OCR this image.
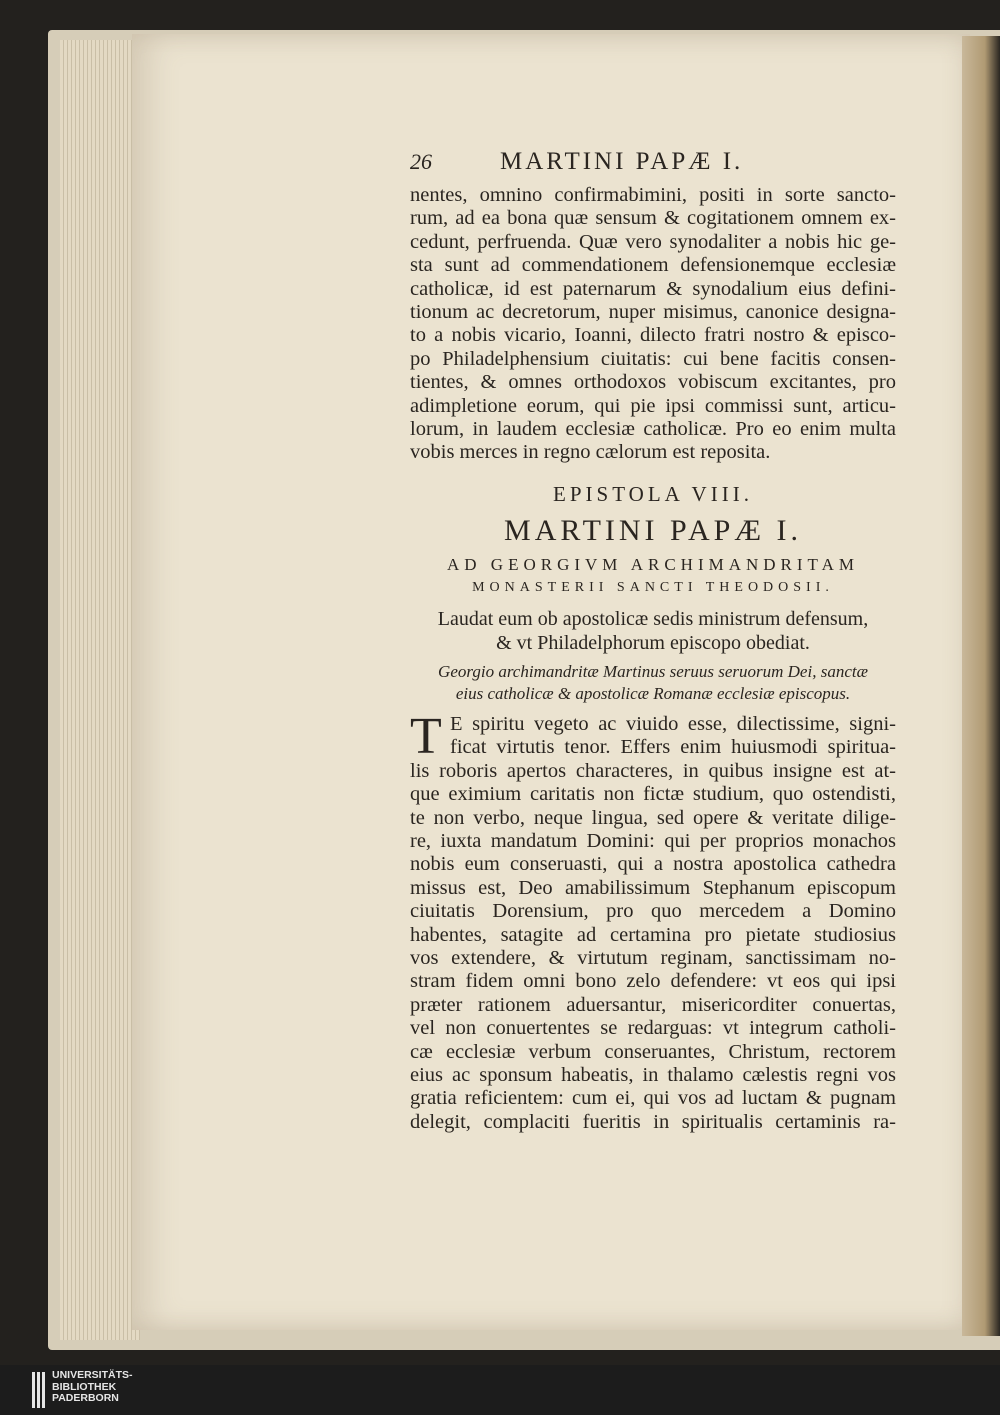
26	MARTINI PAPÆ I.
nentes, omnino confirmabimini, positi in sorte sancto-
rum, ad ea bona quæ sensum & cogitationem omnem ex-
cedunt, perfruenda. Quæ vero synodaliter a nobis hic ge-
sta sunt ad commendationem defensionemque ecclesiæ
catholicæ, id est paternarum & synodalium eius defini-
tionum ac decretorum, nuper misimus, canonice designa-
to a nobis vicario, Ioanni, dilecto fratri nostro & episco-
po Philadelphensium ciuitatis: cui bene facitis consen-
tientes, & omnes orthodoxos vobiscum excitantes, pro
adimpletione eorum, qui pie ipsi commissi sunt, articu-
lorum, in laudem ecclesiæ catholicæ. Pro eo enim multa
vobis merces in regno cælorum est reposita.
EPISTOLA VIII.
MARTINI PAPÆ I.
AD GEORGIVM ARCHIMANDRITAM
MONASTERII SANCTI THEODOSII.
Laudat eum ob apostolicæ sedis ministrum defensum,
& vt Philadelphorum episcopo obediat.
Georgio archimandritæ Martinus seruus seruorum Dei, sanctæ
eius catholicæ & apostolicæ Romanæ ecclesiæ episcopus.
T E spiritu vegeto ac viuido esse, dilectissime, signi-
ficat virtutis tenor. Effers enim huiusmodi spiritua-
lis roboris apertos characteres, in quibus insigne est at-
que eximium caritatis non fictæ studium, quo ostendisti,
te non verbo, neque lingua, sed opere & veritate dilige-
re, iuxta mandatum Domini: qui per proprios monachos
nobis eum conseruasti, qui a nostra apostolica cathedra
missus est, Deo amabilissimum Stephanum episcopum
ciuitatis Dorensium, pro quo mercedem a Domino
habentes, satagite ad certamina pro pietate studiosius
vos extendere, & virtutum reginam, sanctissimam no-
stram fidem omni bono zelo defendere: vt eos qui ipsi
præter rationem aduersantur, misericorditer conuertas,
vel non conuertentes se redarguas: vt integrum catholi-
cæ ecclesiæ verbum conseruantes, Christum, rectorem
eius ac sponsum habeatis, in thalamo cælestis regni vos
gratia reficientem: cum ei, qui vos ad luctam & pugnam
delegit, complaciti fueritis in spiritualis certaminis ra-
UNIVERSITÄTS-
BIBLIOTHEK
PADERBORN
